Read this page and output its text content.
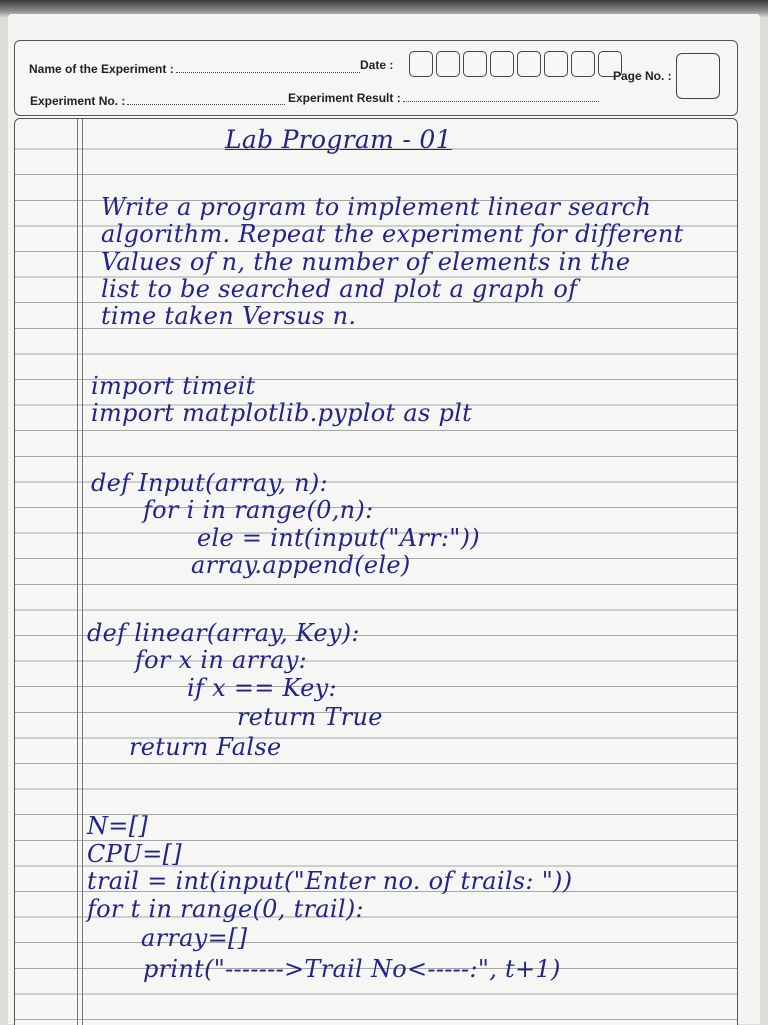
Name of the Experiment :	Date :
Page No. :
Experiment No. :	Experiment Result :
Lab Program - 01
Write a program to implement linear search
algorithm. Repeat the experiment for different
Values of n, the number of elements in the
list to be searched and plot a graph of
time taken Versus n.
import timeit
import matplotlib.pyplot as plt
def Input(array, n):
for i in range(0,n):
ele = int(input("Arr:"))
array.append(ele)
def linear(array, Key):
for x in array:
if x == Key:
return True
return False
N=[]
CPU=[]
trail = int(input("Enter no. of trails: "))
for t in range(0, trail):
array=[]
print("------->Trail No<-----:", t+1)
